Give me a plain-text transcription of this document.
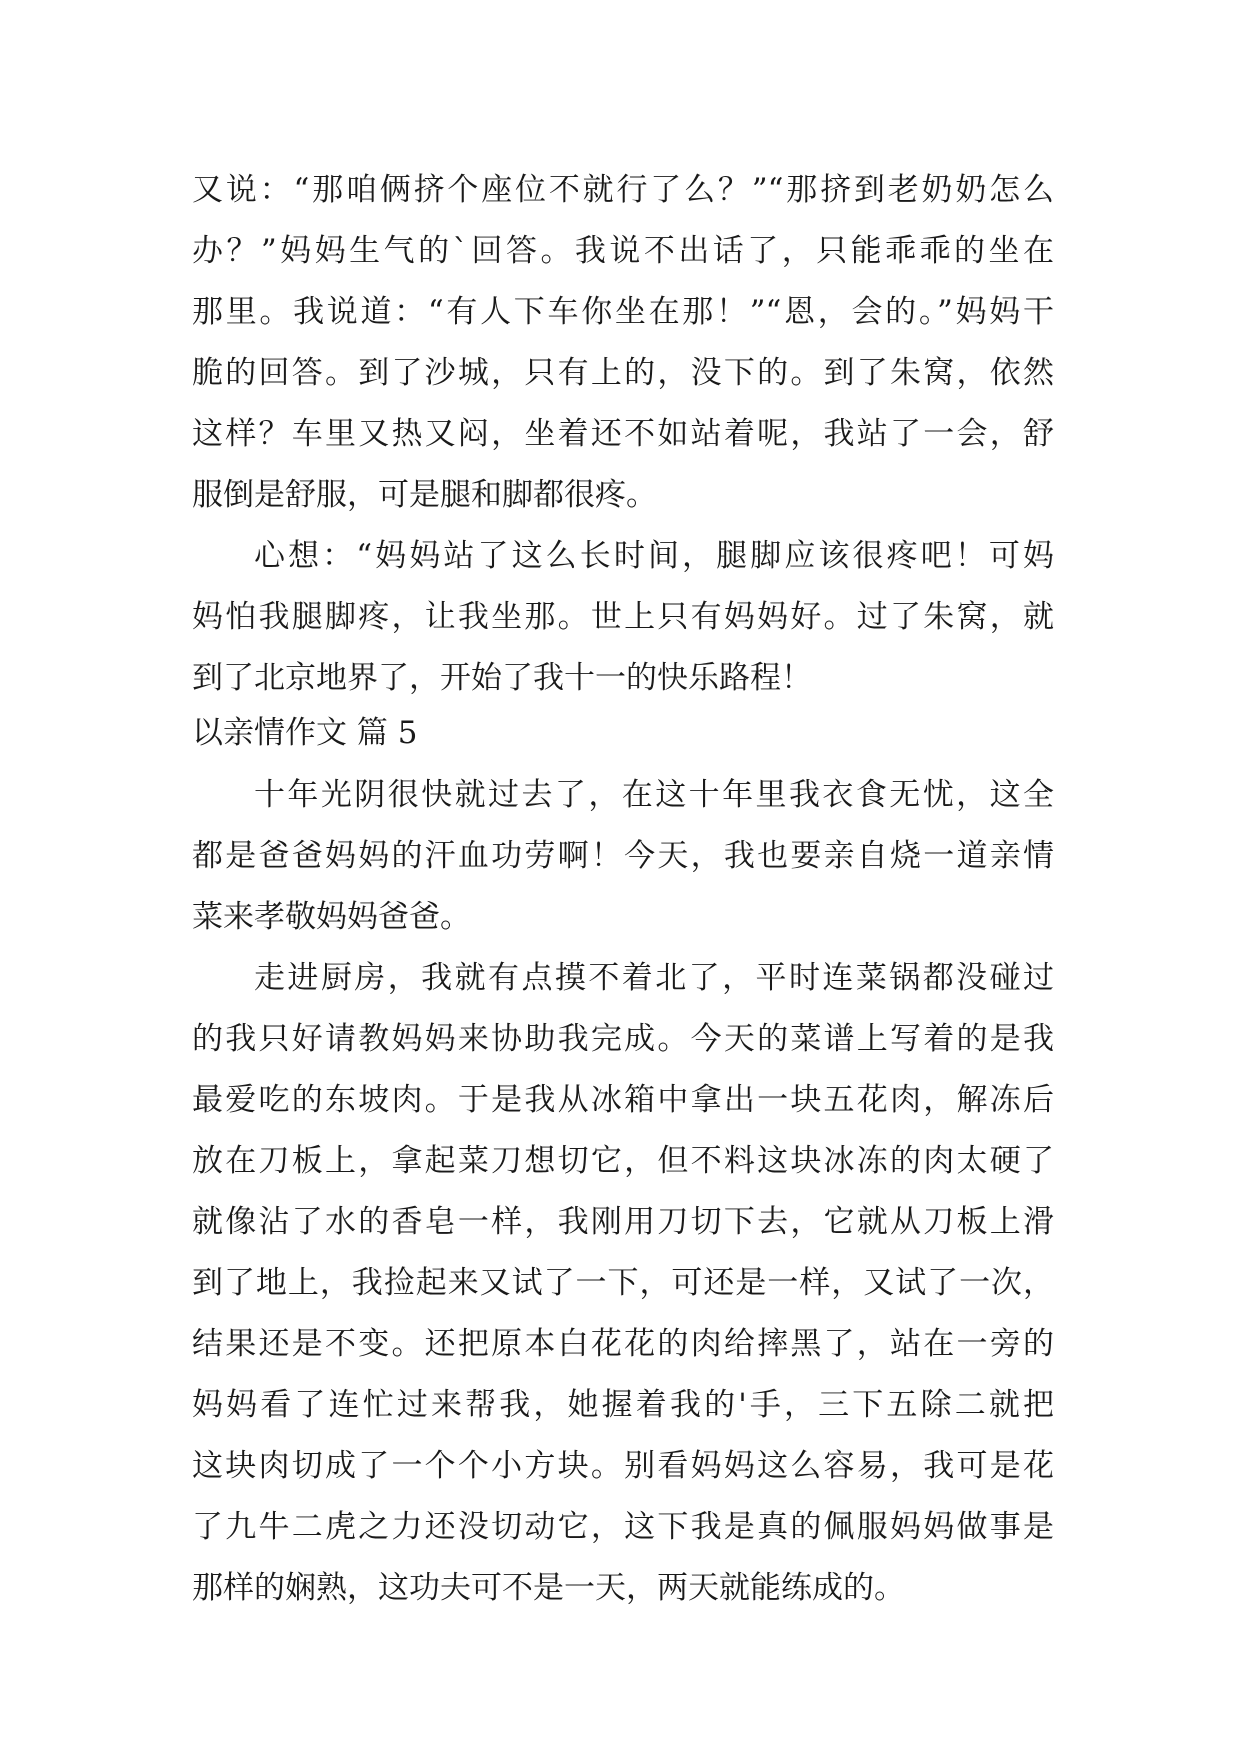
又说：“那咱俩挤个座位不就行了么？”“那挤到老奶奶怎么
办？”妈妈生气的`回答。我说不出话了，只能乖乖的坐在
那里。我说道：“有人下车你坐在那！”“恩，会的。”妈妈干
脆的回答。到了沙城，只有上的，没下的。到了朱窝，依然
这样？车里又热又闷，坐着还不如站着呢，我站了一会，舒
服倒是舒服，可是腿和脚都很疼。
心想：“妈妈站了这么长时间，腿脚应该很疼吧！可妈
妈怕我腿脚疼，让我坐那。世上只有妈妈好。过了朱窝，就
到了北京地界了，开始了我十一的快乐路程！
以亲情作文 篇 5
十年光阴很快就过去了，在这十年里我衣食无忧，这全
都是爸爸妈妈的汗血功劳啊！今天，我也要亲自烧一道亲情
菜来孝敬妈妈爸爸。
走进厨房，我就有点摸不着北了，平时连菜锅都没碰过
的我只好请教妈妈来协助我完成。今天的菜谱上写着的是我
最爱吃的东坡肉。于是我从冰箱中拿出一块五花肉，解冻后
放在刀板上，拿起菜刀想切它，但不料这块冰冻的肉太硬了
就像沾了水的香皂一样，我刚用刀切下去，它就从刀板上滑
到了地上，我捡起来又试了一下，可还是一样，又试了一次，
结果还是不变。还把原本白花花的肉给摔黑了，站在一旁的
妈妈看了连忙过来帮我，她握着我的'手，三下五除二就把
这块肉切成了一个个小方块。别看妈妈这么容易，我可是花
了九牛二虎之力还没切动它，这下我是真的佩服妈妈做事是
那样的娴熟，这功夫可不是一天，两天就能练成的。
